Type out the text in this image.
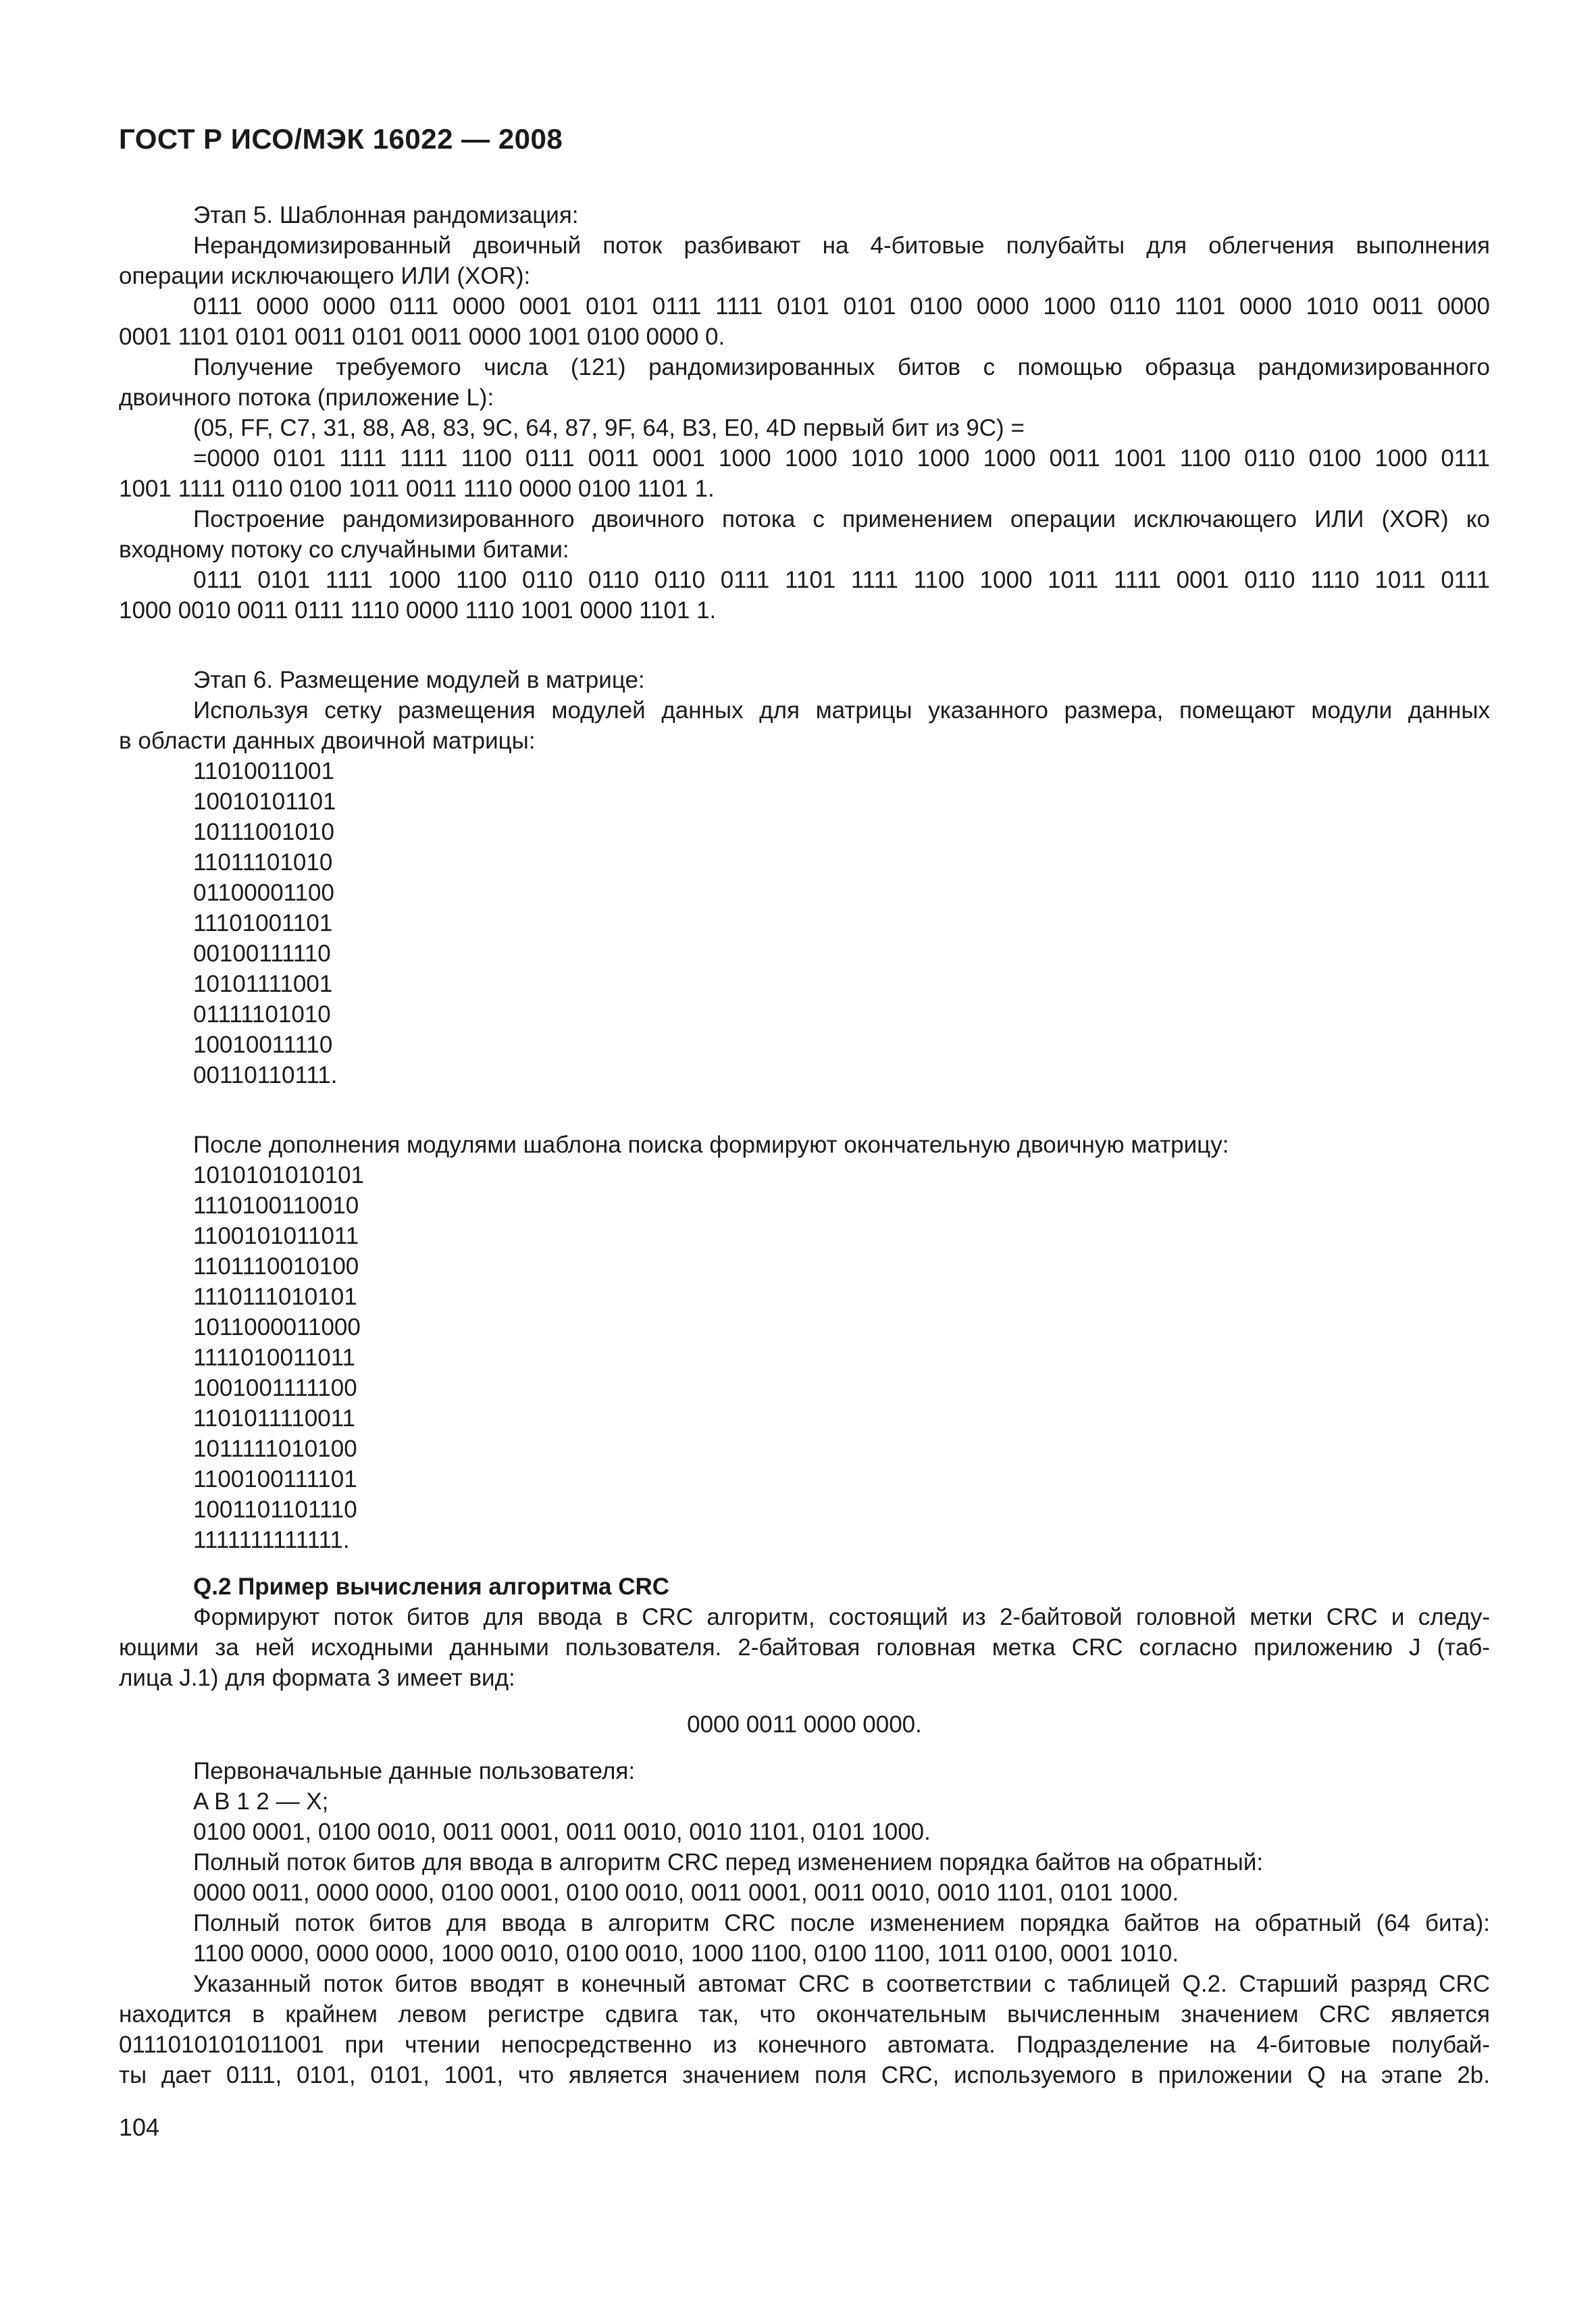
ГОСТ Р ИСО/МЭК 16022 — 2008
Этап 5. Шаблонная рандомизация:
Нерандомизированный двоичный поток разбивают на 4-битовые полубайты для облегчения выполнения
операции исключающего ИЛИ (XOR):
0111 0000 0000 0111 0000 0001 0101 0111 1111 0101 0101 0100 0000 1000 0110 1101 0000 1010 0011 0000
0001 1101 0101 0011 0101 0011 0000 1001 0100 0000 0.
Получение требуемого числа (121) рандомизированных битов с помощью образца рандомизированного
двоичного потока (приложение L):
(05, FF, C7, 31, 88, A8, 83, 9C, 64, 87, 9F, 64, B3, E0, 4D первый бит из 9C) =
=0000 0101 1111 1111 1100 0111 0011 0001 1000 1000 1010 1000 1000 0011 1001 1100 0110 0100 1000 0111
1001 1111 0110 0100 1011 0011 1110 0000 0100 1101 1.
Построение рандомизированного двоичного потока с применением операции исключающего ИЛИ (XOR) ко
входному потоку со случайными битами:
0111 0101 1111 1000 1100 0110 0110 0110 0111 1101 1111 1100 1000 1011 1111 0001 0110 1110 1011 0111
1000 0010 0011 0111 1110 0000 1110 1001 0000 1101 1.
Этап 6. Размещение модулей в матрице:
Используя сетку размещения модулей данных для матрицы указанного размера, помещают модули данных
в области данных двоичной матрицы:
11010011001
10010101101
10111001010
11011101010
01100001100
11101001101
00100111110
10101111001
01111101010
10010011110
00110110111.
После дополнения модулями шаблона поиска формируют окончательную двоичную матрицу:
1010101010101
1110100110010
1100101011011
1101110010100
1110111010101
1011000011000
1111010011011
1001001111100
1101011110011
1011111010100
1100100111101
1001101101110
1111111111111.
Q.2 Пример вычисления алгоритма CRC
Формируют поток битов для ввода в CRC алгоритм, состоящий из 2-байтовой головной метки CRC и следу-
ющими за ней исходными данными пользователя. 2-байтовая головная метка CRC согласно приложению J (таб-
лица J.1) для формата 3 имеет вид:
0000 0011 0000 0000.
Первоначальные данные пользователя:
A B 1 2 — X;
0100 0001, 0100 0010, 0011 0001, 0011 0010, 0010 1101, 0101 1000.
Полный поток битов для ввода в алгоритм CRC перед изменением порядка байтов на обратный:
0000 0011, 0000 0000, 0100 0001, 0100 0010, 0011 0001, 0011 0010, 0010 1101, 0101 1000.
Полный поток битов для ввода в алгоритм CRC после изменением порядка байтов на обратный (64 бита):
1100 0000, 0000 0000, 1000 0010, 0100 0010, 1000 1100, 0100 1100, 1011 0100, 0001 1010.
Указанный поток битов вводят в конечный автомат CRC в соответствии с таблицей Q.2. Старший разряд CRC
находится в крайнем левом регистре сдвига так, что окончательным вычисленным значением CRC является
0111010101011001 при чтении непосредственно из конечного автомата. Подразделение на 4-битовые полубай-
ты дает 0111, 0101, 0101, 1001, что является значением поля CRC, используемого в приложении Q на этапе 2b.
104
